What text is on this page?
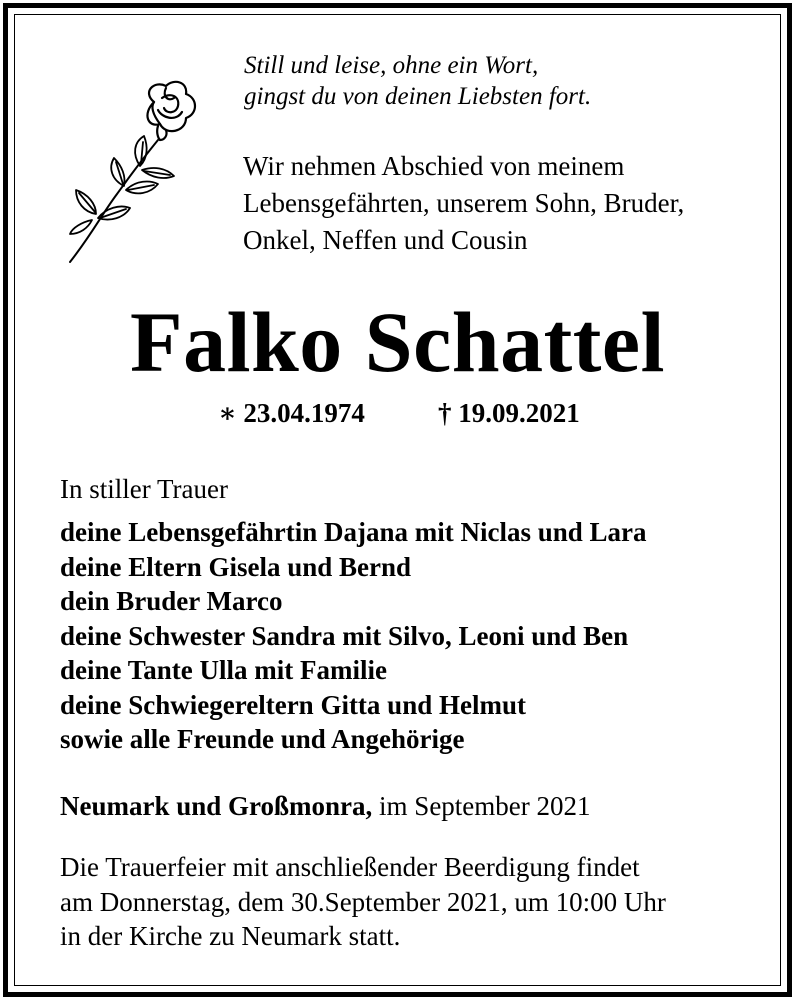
Still und leise, ohne ein Wort,
gingst du von deinen Liebsten fort.
Wir nehmen Abschied von meinem
Lebensgefährten, unserem Sohn, Bruder,
Onkel, Neffen und Cousin
Falko Schattel
∗ 23.04.1974	† 19.09.2021
In stiller Trauer
deine Lebensgefährtin Dajana mit Niclas und Lara
deine Eltern Gisela und Bernd
dein Bruder Marco
deine Schwester Sandra mit Silvo, Leoni und Ben
deine Tante Ulla mit Familie
deine Schwiegereltern Gitta und Helmut
sowie alle Freunde und Angehörige
Neumark und Großmonra, im September 2021
Die Trauerfeier mit anschließender Beerdigung findet
am Donnerstag, dem 30.September 2021, um 10:00 Uhr
in der Kirche zu Neumark statt.
